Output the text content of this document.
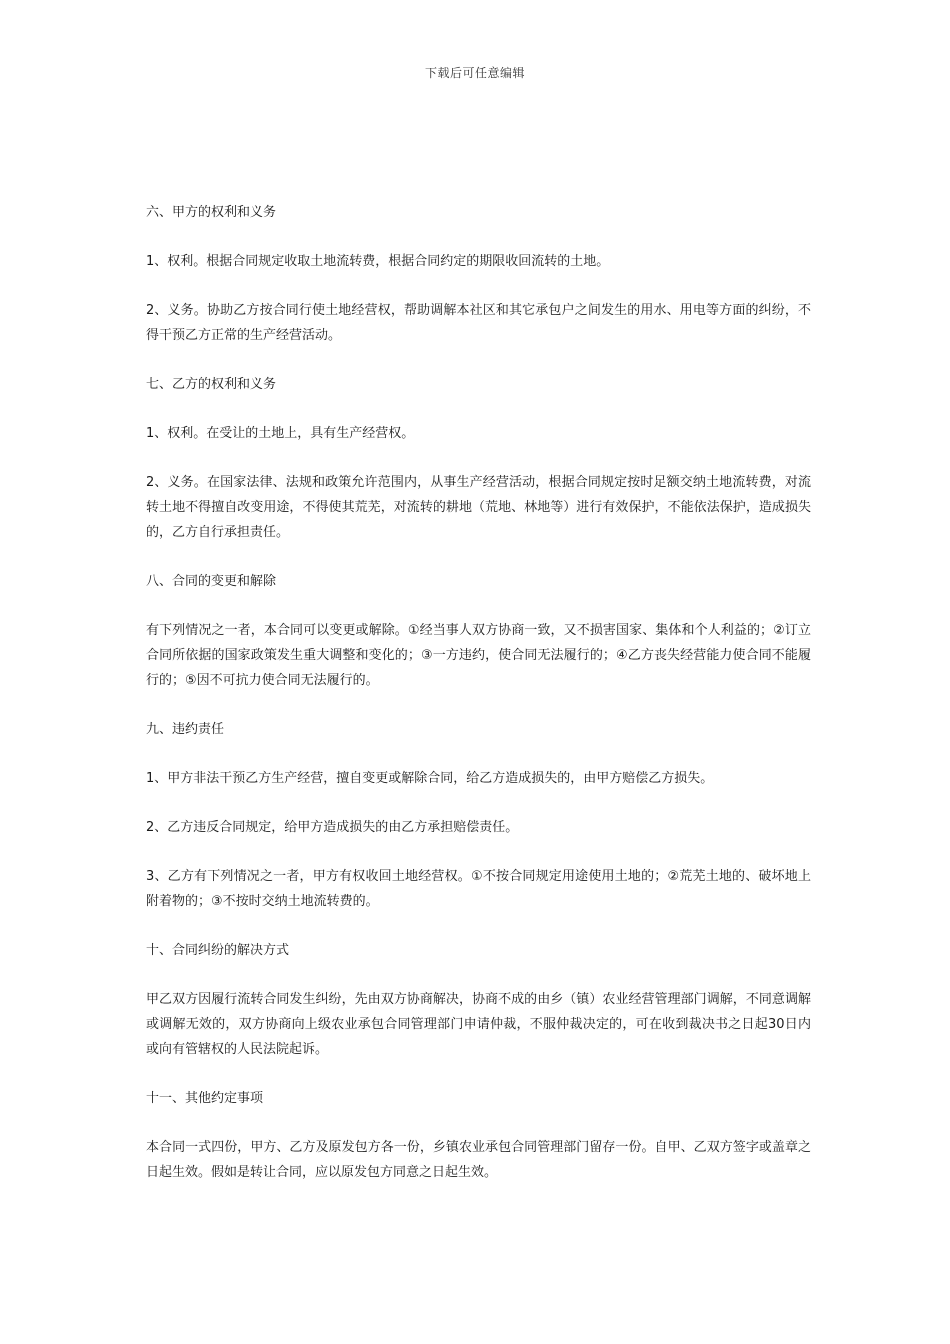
下载后可任意编辑

六、甲方的权利和义务

1、权利。根据合同规定收取土地流转费，根据合同约定的期限收回流转的土地。

2、义务。协助乙方按合同行使土地经营权，帮助调解本社区和其它承包户之间发生的用水、用电等方面的纠纷，不得干预乙方正常的生产经营活动。

七、乙方的权利和义务

1、权利。在受让的土地上，具有生产经营权。

2、义务。在国家法律、法规和政策允许范围内，从事生产经营活动，根据合同规定按时足额交纳土地流转费，对流转土地不得擅自改变用途，不得使其荒芜，对流转的耕地（荒地、林地等）进行有效保护，不能依法保护，造成损失的，乙方自行承担责任。

八、合同的变更和解除

有下列情况之一者，本合同可以变更或解除。①经当事人双方协商一致，又不损害国家、集体和个人利益的；②订立合同所依据的国家政策发生重大调整和变化的；③一方违约，使合同无法履行的；④乙方丧失经营能力使合同不能履行的；⑤因不可抗力使合同无法履行的。

九、违约责任

1、甲方非法干预乙方生产经营，擅自变更或解除合同，给乙方造成损失的，由甲方赔偿乙方损失。

2、乙方违反合同规定，给甲方造成损失的由乙方承担赔偿责任。

3、乙方有下列情况之一者，甲方有权收回土地经营权。①不按合同规定用途使用土地的；②荒芜土地的、破坏地上附着物的；③不按时交纳土地流转费的。

十、合同纠纷的解决方式

甲乙双方因履行流转合同发生纠纷，先由双方协商解决，协商不成的由乡（镇）农业经营管理部门调解，不同意调解或调解无效的，双方协商向上级农业承包合同管理部门申请仲裁，不服仲裁决定的，可在收到裁决书之日起30日内或向有管辖权的人民法院起诉。

十一、其他约定事项

本合同一式四份，甲方、乙方及原发包方各一份，乡镇农业承包合同管理部门留存一份。自甲、乙双方签字或盖章之日起生效。假如是转让合同，应以原发包方同意之日起生效。
